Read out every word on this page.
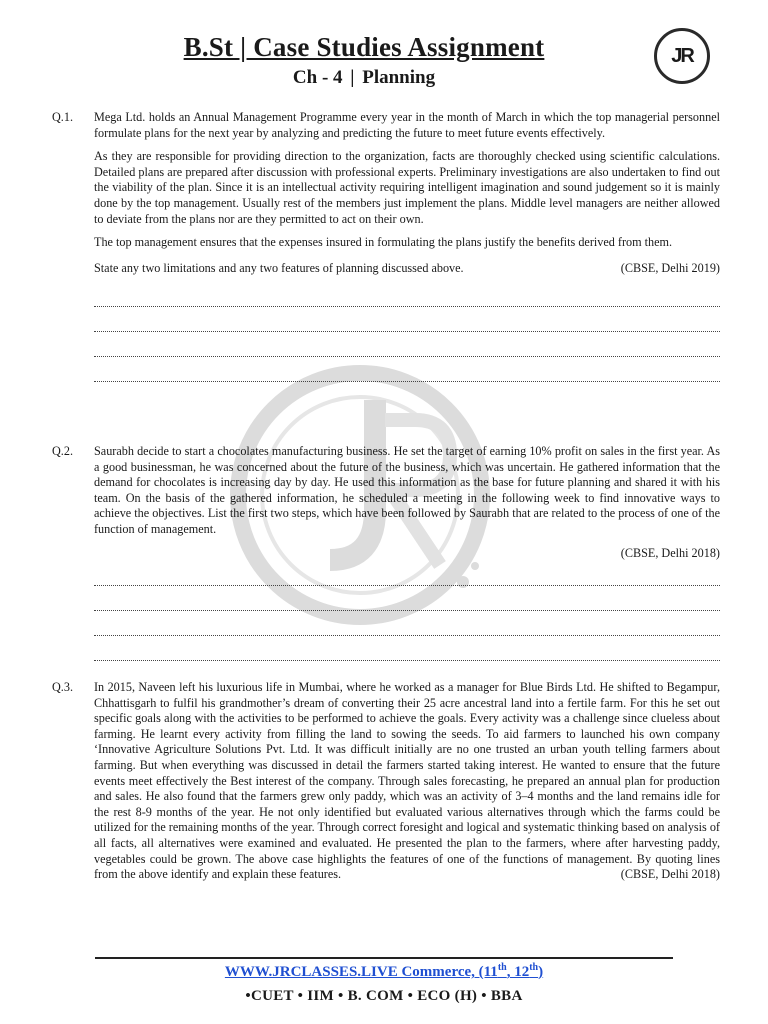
B.St | Case Studies Assignment
Ch - 4 | Planning
JR
Q.1.	Mega Ltd. holds an Annual Management Programme every year in the month of March in which the top managerial personnel formulate plans for the next year by analyzing and predicting the future to meet future events effectively.

As they are responsible for providing direction to the organization, facts are thoroughly checked using scientific calculations. Detailed plans are prepared after discussion with professional experts. Preliminary investigations are also undertaken to find out the viability of the plan. Since it is an intellectual activity requiring intelligent imagination and sound judgement so it is mainly done by the top management. Usually rest of the members just implement the plans. Middle level managers are neither allowed to deviate from the plans nor are they permitted to act on their own.

The top management ensures that the expenses insured in formulating the plans justify the benefits derived from them.

State any two limitations and any two features of planning discussed above.	(CBSE, Delhi 2019)
Q.2.	Saurabh decide to start a chocolates manufacturing business. He set the target of earning 10% profit on sales in the first year. As a good businessman, he was concerned about the future of the business, which was uncertain. He gathered information that the demand for chocolates is increasing day by day. He used this information as the base for future planning and shared it with his team. On the basis of the gathered information, he scheduled a meeting in the following week to find innovative ways to achieve the objectives. List the first two steps, which have been followed by Saurabh that are related to the process of one of the function of management.

(CBSE, Delhi 2018)
Q.3.	In 2015, Naveen left his luxurious life in Mumbai, where he worked as a manager for Blue Birds Ltd. He shifted to Begampur, Chhattisgarh to fulfil his grandmother’s dream of converting their 25 acre ancestral land into a fertile farm. For this he set out specific goals along with the activities to be performed to achieve the goals. Every activity was a challenge since clueless about farming. He learnt every activity from filling the land to sowing the seeds. To aid farmers to launched his own company ‘Innovative Agriculture Solutions Pvt. Ltd. It was difficult initially are no one trusted an urban youth telling farmers about farming. But when everything was discussed in detail the farmers started taking interest. He wanted to ensure that the future events meet effectively the Best interest of the company. Through sales forecasting, he prepared an annual plan for production and sales. He also found that the farmers grew only paddy, which was an activity of 3–4 months and the land remains idle for the rest 8-9 months of the year. He not only identified but evaluated various alternatives through which the farms could be utilized for the remaining months of the year. Through correct foresight and logical and systematic thinking based on analysis of all facts, all alternatives were examined and evaluated. He presented the plan to the farmers, where after harvesting paddy, vegetables could be grown. The above case highlights the features of one of the functions of management. By quoting lines from the above identify and explain these features.	(CBSE, Delhi 2018)
WWW.JRCLASSES.LIVE Commerce, (11th, 12th)
•CUET • IIM • B. COM • ECO (H) • BBA
